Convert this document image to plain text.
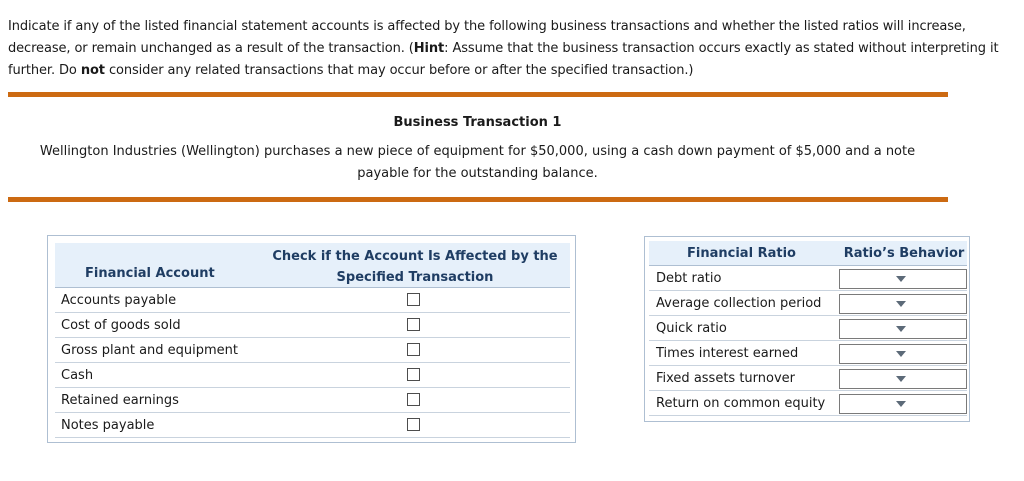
Indicate if any of the listed financial statement accounts is affected by the following business transactions and whether the listed ratios will increase, decrease, or remain unchanged as a result of the transaction. (Hint: Assume that the business transaction occurs exactly as stated without interpreting it further. Do not consider any related transactions that may occur before or after the specified transaction.)
Business Transaction 1
Wellington Industries (Wellington) purchases a new piece of equipment for $50,000, using a cash down payment of $5,000 and a note payable for the outstanding balance.
Financial Account
Check if the Account Is Affected by the Specified Transaction
Accounts payable
Cost of goods sold
Gross plant and equipment
Cash
Retained earnings
Notes payable
Financial Ratio	Ratio’s Behavior
Debt ratio
Average collection period
Quick ratio
Times interest earned
Fixed assets turnover
Return on common equity
